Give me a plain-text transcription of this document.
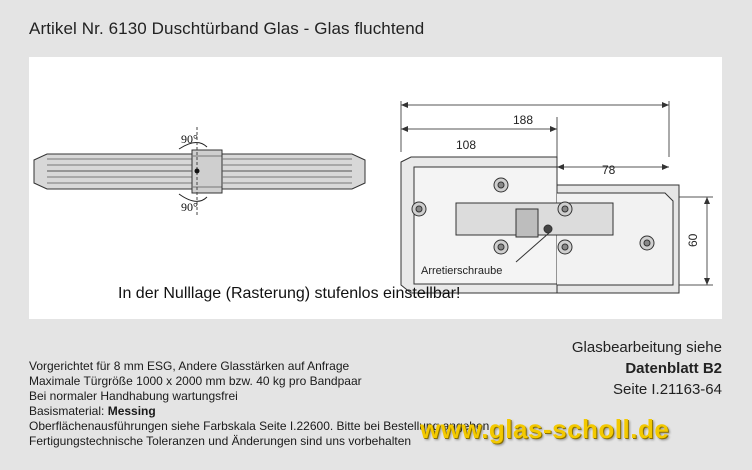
Artikel Nr. 6130 Duschtürband Glas - Glas fluchtend
90°
90°
188
108
78
60
Arretierschraube
In der Nulllage (Rasterung) stufenlos einstellbar!
Glasbearbeitung siehe
Datenblatt B2
Seite I.21163-64
Vorgerichtet für 8 mm ESG, Andere Glasstärken auf Anfrage
Maximale Türgröße 1000 x 2000 mm bzw. 40 kg pro Bandpaar
Bei normaler Handhabung wartungsfrei
Basismaterial: Messing
Oberflächenausführungen siehe Farbskala Seite I.22600. Bitte bei Bestellung angeben
Fertigungstechnische Toleranzen und Änderungen sind uns vorbehalten www.glas-scholl.de
